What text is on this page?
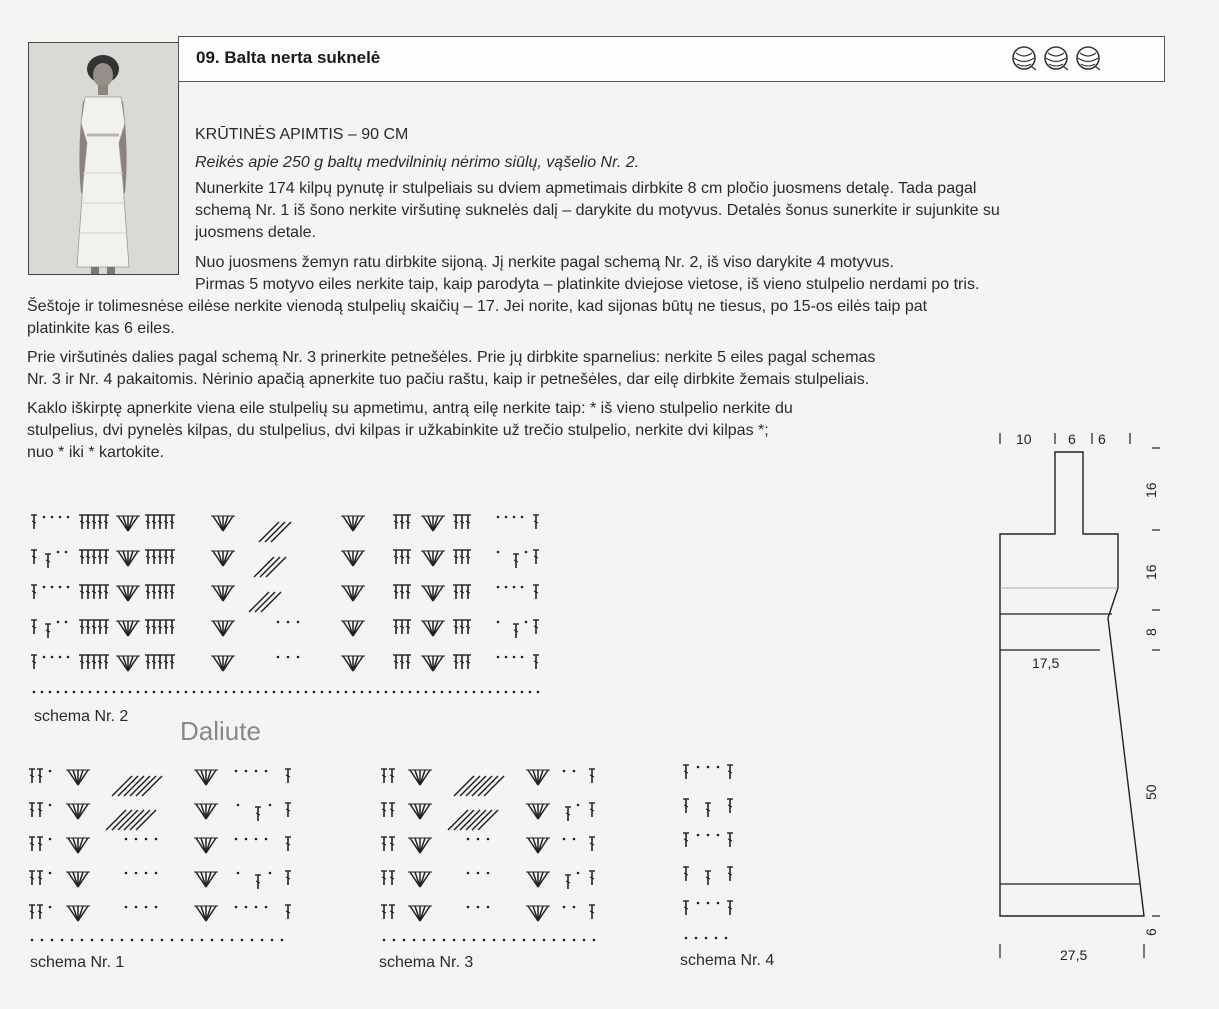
09. Balta nerta suknelė
KRŪTINĖS APIMTIS – 90 CM
Reikės apie 250 g baltų medvilninių nėrimo siūlų, vąšelio Nr. 2.
Nunerkite 174 kilpų pynutę ir stulpeliais su dviem apmetimais dirbkite 8 cm pločio juosmens detalę. Tada pagal
schemą Nr. 1 iš šono nerkite viršutinę suknelės dalį – darykite du motyvus. Detalės šonus sunerkite ir sujunkite su
juosmens detale.
Nuo juosmens žemyn ratu dirbkite sijoną. Jį nerkite pagal schemą Nr. 2, iš viso darykite 4 motyvus.
Pirmas 5 motyvo eiles nerkite taip, kaip parodyta – platinkite dviejose vietose, iš vieno stulpelio nerdami po tris.
Šeštoje ir tolimesnėse eilėse nerkite vienodą stulpelių skaičių – 17. Jei norite, kad sijonas būtų ne tiesus, po 15-os eilės taip pat
platinkite kas 6 eiles.
Prie viršutinės dalies pagal schemą Nr. 3 prinerkite petnešėles. Prie jų dirbkite sparnelius: nerkite 5 eiles pagal schemas
Nr. 3 ir Nr. 4 pakaitomis. Nėrinio apačią apnerkite tuo pačiu raštu, kaip ir petnešėles, dar eilę dirbkite žemais stulpeliais.
Kaklo iškirptę apnerkite viena eile stulpelių su apmetimu, antrą eilę nerkite taip: * iš vieno stulpelio nerkite du
stulpelius, dvi pynelės kilpas, du stulpelius, dvi kilpas ir užkabinkite už trečio stulpelio, nerkite dvi kilpas *;
nuo * iki * kartokite.
schema Nr. 2 Daliute
schema Nr. 1	schema Nr. 3	schema Nr. 4
10	6 6
16
16
8
50
6
17,5
27,5
